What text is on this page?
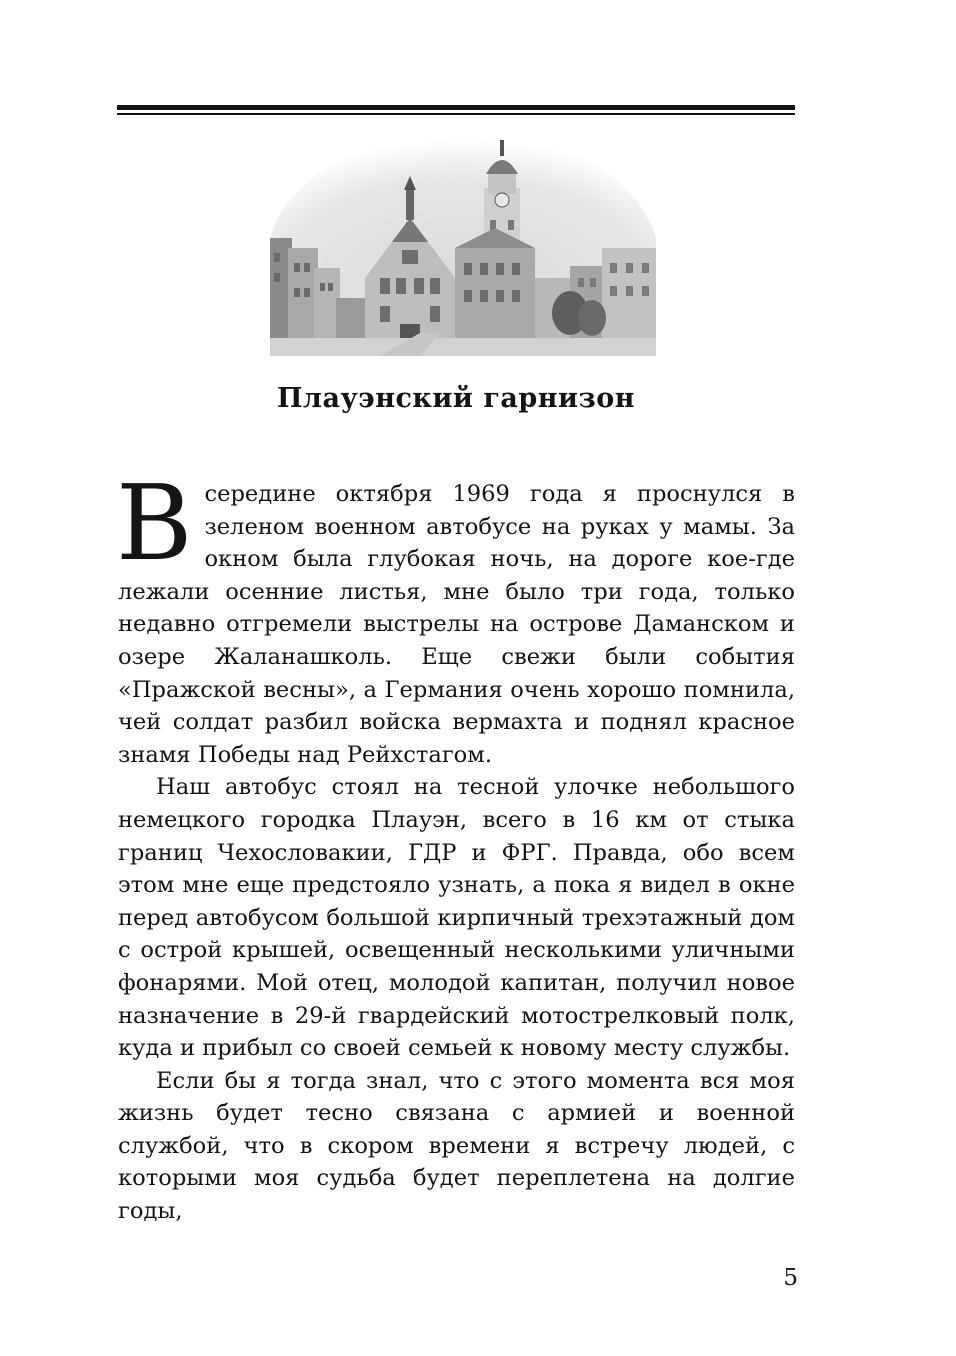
Плауэнский гарнизон

Всередине октября 1969 года я проснулся в зеленом военном автобусе на руках у мамы. За окном была глубокая ночь, на дороге кое-где лежали осенние листья, мне было три года, только недавно отгремели выстрелы на острове Даманском и озере Жаланашколь. Еще свежи были события «Пражской весны», а Германия очень хорошо помнила, чей солдат разбил войска вермахта и поднял красное знамя Победы над Рейхстагом.

Наш автобус стоял на тесной улочке небольшого немецкого городка Плауэн, всего в 16 км от стыка границ Чехословакии, ГДР и ФРГ. Правда, обо всем этом мне еще предстояло узнать, а пока я видел в окне перед автобусом большой кирпичный трехэтажный дом с острой крышей, освещенный несколькими уличными фонарями. Мой отец, молодой капитан, получил новое назначение в 29-й гвардейский мотострелковый полк, куда и прибыл со своей семьей к новому месту службы.

Если бы я тогда знал, что с этого момента вся моя жизнь будет тесно связана с армией и военной службой, что в скором времени я встречу людей, с которыми моя судьба будет переплетена на долгие годы,

5
